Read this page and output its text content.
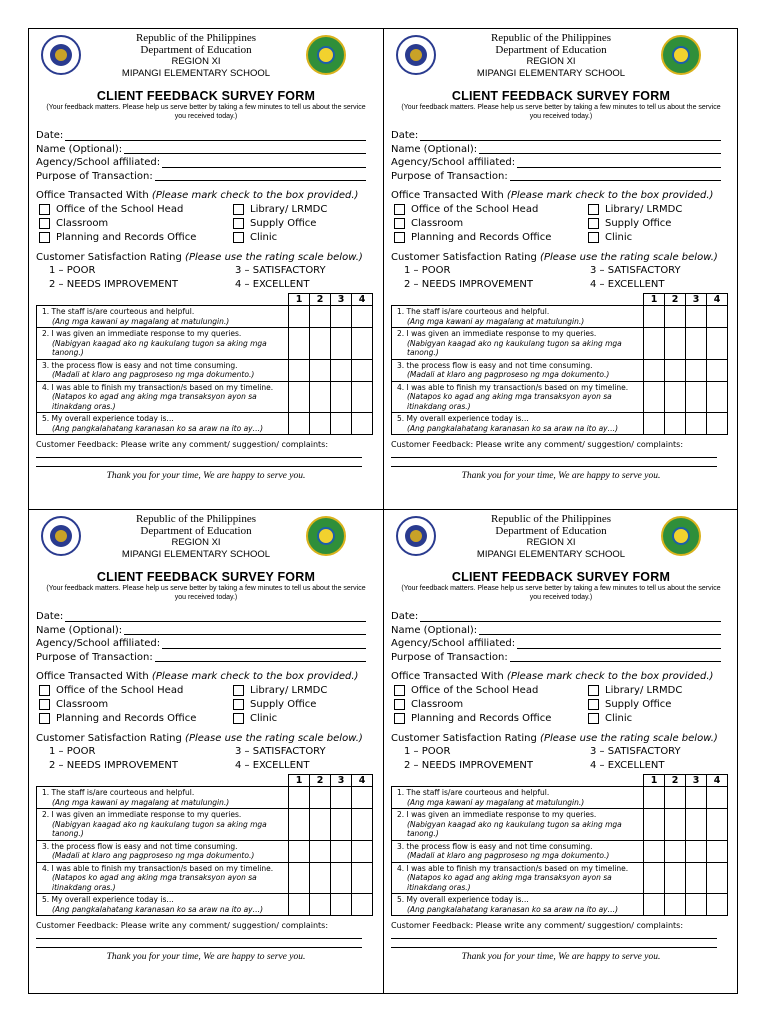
Republic of the Philippines
Department of Education
REGION XI
MIPANGI ELEMENTARY SCHOOL
CLIENT FEEDBACK SURVEY FORM
(Your feedback matters. Please help us serve better by taking a few minutes to tell us about the service you received today.)
Date:
Name (Optional):
Agency/School affiliated:
Purpose of Transaction:
Office Transacted With (Please mark check to the box provided.)
Office of the School Head	Library/ LRMDC
Classroom	Supply Office
Planning and Records Office	Clinic
Customer Satisfaction Rating (Please use the rating scale below.)
1 – POOR	3 – SATISFACTORY
2 – NEEDS IMPROVEMENT	4 – EXCELLENT
	1	2	3	4
1. The staff is/are courteous and helpful.
(Ang mga kawani ay magalang at matulungin.)				

2. I was given an immediate response to my queries.
(Nabigyan kaagad ako ng kaukulang tugon sa aking mga tanong.)				

3. the process flow is easy and not time consuming.
(Madali at klaro ang pagproseso ng mga dokumento.)				

4. I was able to finish my transaction/s based on my timeline.
(Natapos ko agad ang aking mga transaksyon ayon sa itinakdang oras.)				

5. My overall experience today is…
(Ang pangkalahatang karanasan ko sa araw na ito ay…)				

Customer Feedback: Please write any comment/ suggestion/ complaints:
Thank you for your time, We are happy to serve you.
Republic of the Philippines
Department of Education
REGION XI
MIPANGI ELEMENTARY SCHOOL
CLIENT FEEDBACK SURVEY FORM
(Your feedback matters. Please help us serve better by taking a few minutes to tell us about the service you received today.)
Date:
Name (Optional):
Agency/School affiliated:
Purpose of Transaction:
Office Transacted With (Please mark check to the box provided.)
Office of the School Head	Library/ LRMDC
Classroom	Supply Office
Planning and Records Office	Clinic
Customer Satisfaction Rating (Please use the rating scale below.)
1 – POOR	3 – SATISFACTORY
2 – NEEDS IMPROVEMENT	4 – EXCELLENT
	1	2	3	4
1. The staff is/are courteous and helpful.
(Ang mga kawani ay magalang at matulungin.)				

2. I was given an immediate response to my queries.
(Nabigyan kaagad ako ng kaukulang tugon sa aking mga tanong.)				

3. the process flow is easy and not time consuming.
(Madali at klaro ang pagproseso ng mga dokumento.)				

4. I was able to finish my transaction/s based on my timeline.
(Natapos ko agad ang aking mga transaksyon ayon sa itinakdang oras.)				

5. My overall experience today is…
(Ang pangkalahatang karanasan ko sa araw na ito ay…)				

Customer Feedback: Please write any comment/ suggestion/ complaints:
Thank you for your time, We are happy to serve you.
Republic of the Philippines
Department of Education
REGION XI
MIPANGI ELEMENTARY SCHOOL
CLIENT FEEDBACK SURVEY FORM
(Your feedback matters. Please help us serve better by taking a few minutes to tell us about the service you received today.)
Date:
Name (Optional):
Agency/School affiliated:
Purpose of Transaction:
Office Transacted With (Please mark check to the box provided.)
Office of the School Head	Library/ LRMDC
Classroom	Supply Office
Planning and Records Office	Clinic
Customer Satisfaction Rating (Please use the rating scale below.)
1 – POOR	3 – SATISFACTORY
2 – NEEDS IMPROVEMENT	4 – EXCELLENT
	1	2	3	4
1. The staff is/are courteous and helpful.
(Ang mga kawani ay magalang at matulungin.)				

2. I was given an immediate response to my queries.
(Nabigyan kaagad ako ng kaukulang tugon sa aking mga tanong.)				

3. the process flow is easy and not time consuming.
(Madali at klaro ang pagproseso ng mga dokumento.)				

4. I was able to finish my transaction/s based on my timeline.
(Natapos ko agad ang aking mga transaksyon ayon sa itinakdang oras.)				

5. My overall experience today is…
(Ang pangkalahatang karanasan ko sa araw na ito ay…)				

Customer Feedback: Please write any comment/ suggestion/ complaints:
Thank you for your time, We are happy to serve you.
Republic of the Philippines
Department of Education
REGION XI
MIPANGI ELEMENTARY SCHOOL
CLIENT FEEDBACK SURVEY FORM
(Your feedback matters. Please help us serve better by taking a few minutes to tell us about the service you received today.)
Date:
Name (Optional):
Agency/School affiliated:
Purpose of Transaction:
Office Transacted With (Please mark check to the box provided.)
Office of the School Head	Library/ LRMDC
Classroom	Supply Office
Planning and Records Office	Clinic
Customer Satisfaction Rating (Please use the rating scale below.)
1 – POOR	3 – SATISFACTORY
2 – NEEDS IMPROVEMENT	4 – EXCELLENT
	1	2	3	4
1. The staff is/are courteous and helpful.
(Ang mga kawani ay magalang at matulungin.)				

2. I was given an immediate response to my queries.
(Nabigyan kaagad ako ng kaukulang tugon sa aking mga tanong.)				

3. the process flow is easy and not time consuming.
(Madali at klaro ang pagproseso ng mga dokumento.)				

4. I was able to finish my transaction/s based on my timeline.
(Natapos ko agad ang aking mga transaksyon ayon sa itinakdang oras.)				

5. My overall experience today is…
(Ang pangkalahatang karanasan ko sa araw na ito ay…)				

Customer Feedback: Please write any comment/ suggestion/ complaints:
Thank you for your time, We are happy to serve you.
